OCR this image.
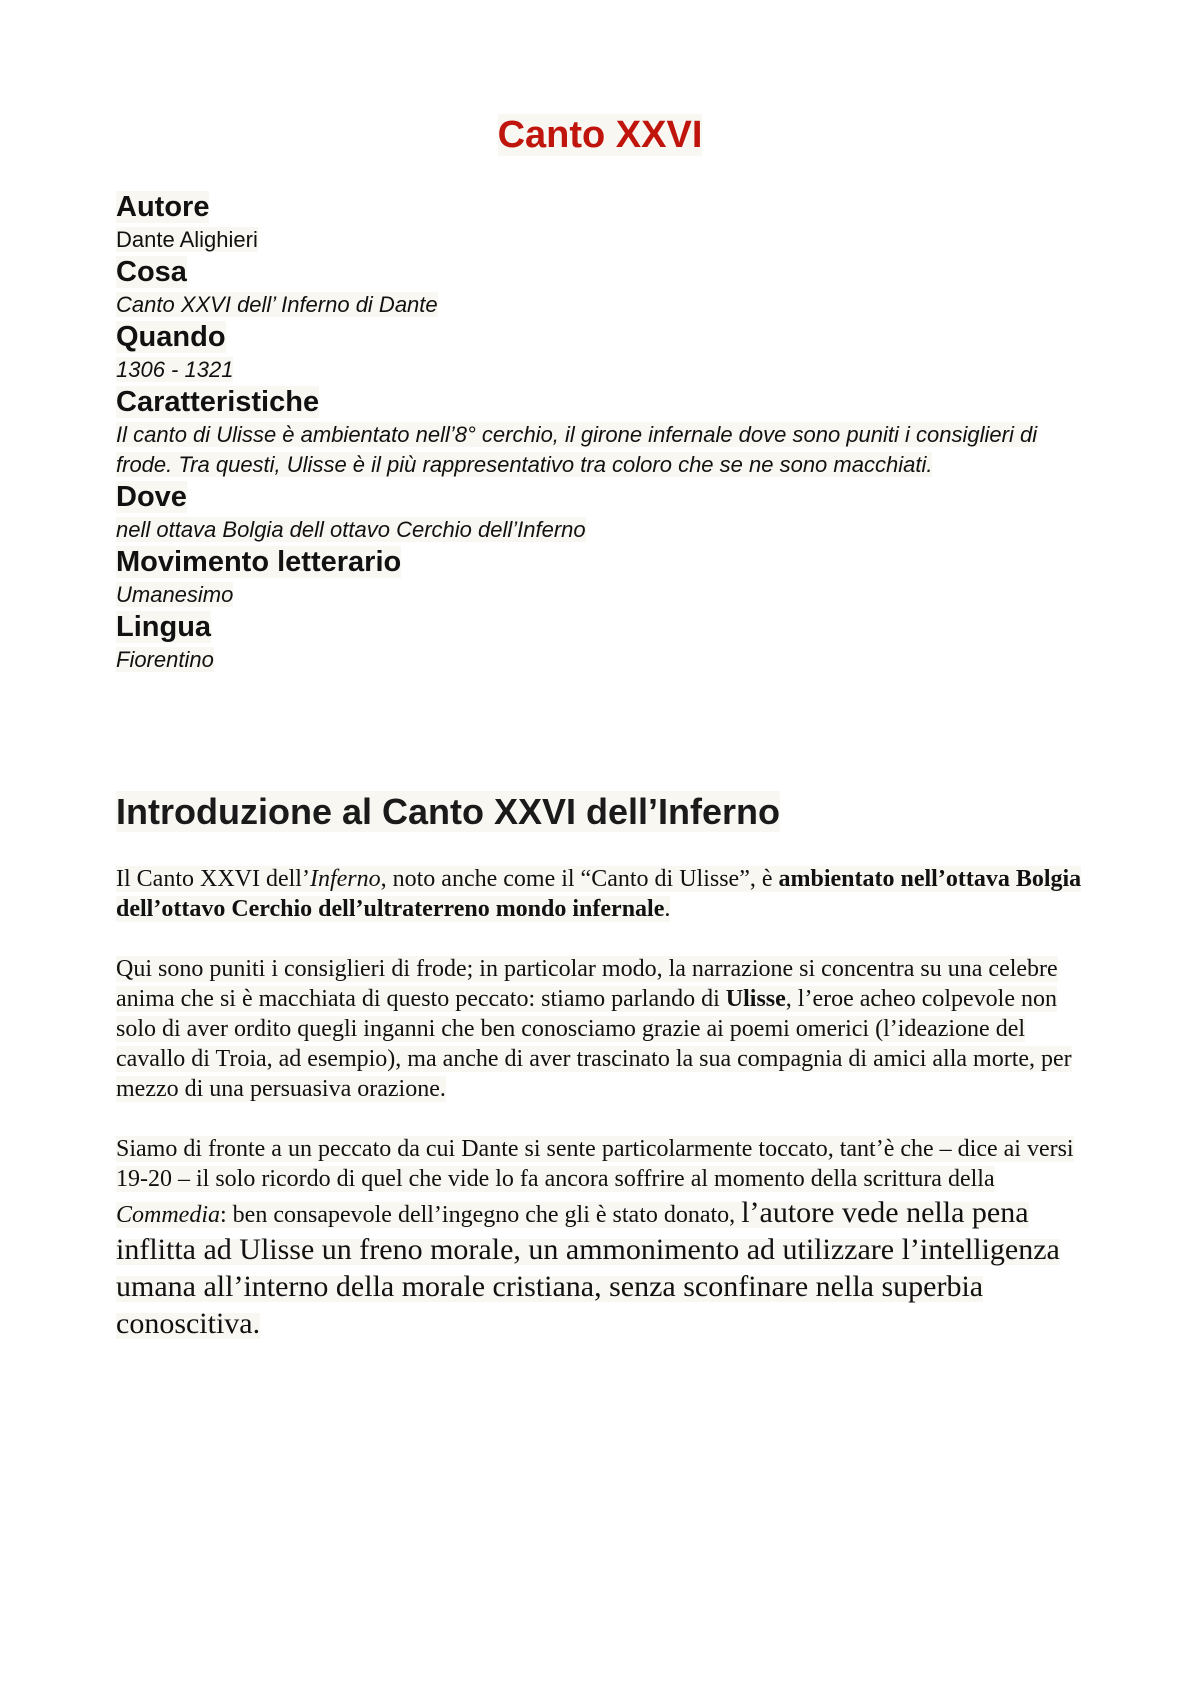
Canto XXVI
Autore
Dante Alighieri
Cosa
Canto XXVI dell’ Inferno di Dante
Quando
1306 - 1321
Caratteristiche
Il canto di Ulisse è ambientato nell’8° cerchio, il girone infernale dove sono puniti i consiglieri di frode. Tra questi, Ulisse è il più rappresentativo tra coloro che se ne sono macchiati.
Dove
nell ottava Bolgia dell ottavo Cerchio dell’Inferno
Movimento letterario
Umanesimo
Lingua
Fiorentino
Introduzione al Canto XXVI dell’Inferno

Il Canto XXVI dell’Inferno, noto anche come il “Canto di Ulisse”, è ambientato nell’ottava Bolgia dell’ottavo Cerchio dell’ultraterreno mondo infernale.

Qui sono puniti i consiglieri di frode; in particolar modo, la narrazione si concentra su una celebre anima che si è macchiata di questo peccato: stiamo parlando di Ulisse, l’eroe acheo colpevole non solo di aver ordito quegli inganni che ben conosciamo grazie ai poemi omerici (l’ideazione del cavallo di Troia, ad esempio), ma anche di aver trascinato la sua compagnia di amici alla morte, per mezzo di una persuasiva orazione.

Siamo di fronte a un peccato da cui Dante si sente particolarmente toccato, tant’è che – dice ai versi 19-20 – il solo ricordo di quel che vide lo fa ancora soffrire al momento della scrittura della Commedia: ben consapevole dell’ingegno che gli è stato donato, l’autore vede nella pena inflitta ad Ulisse un freno morale, un ammonimento ad utilizzare l’intelligenza umana all’interno della morale cristiana, senza sconfinare nella superbia conoscitiva.
